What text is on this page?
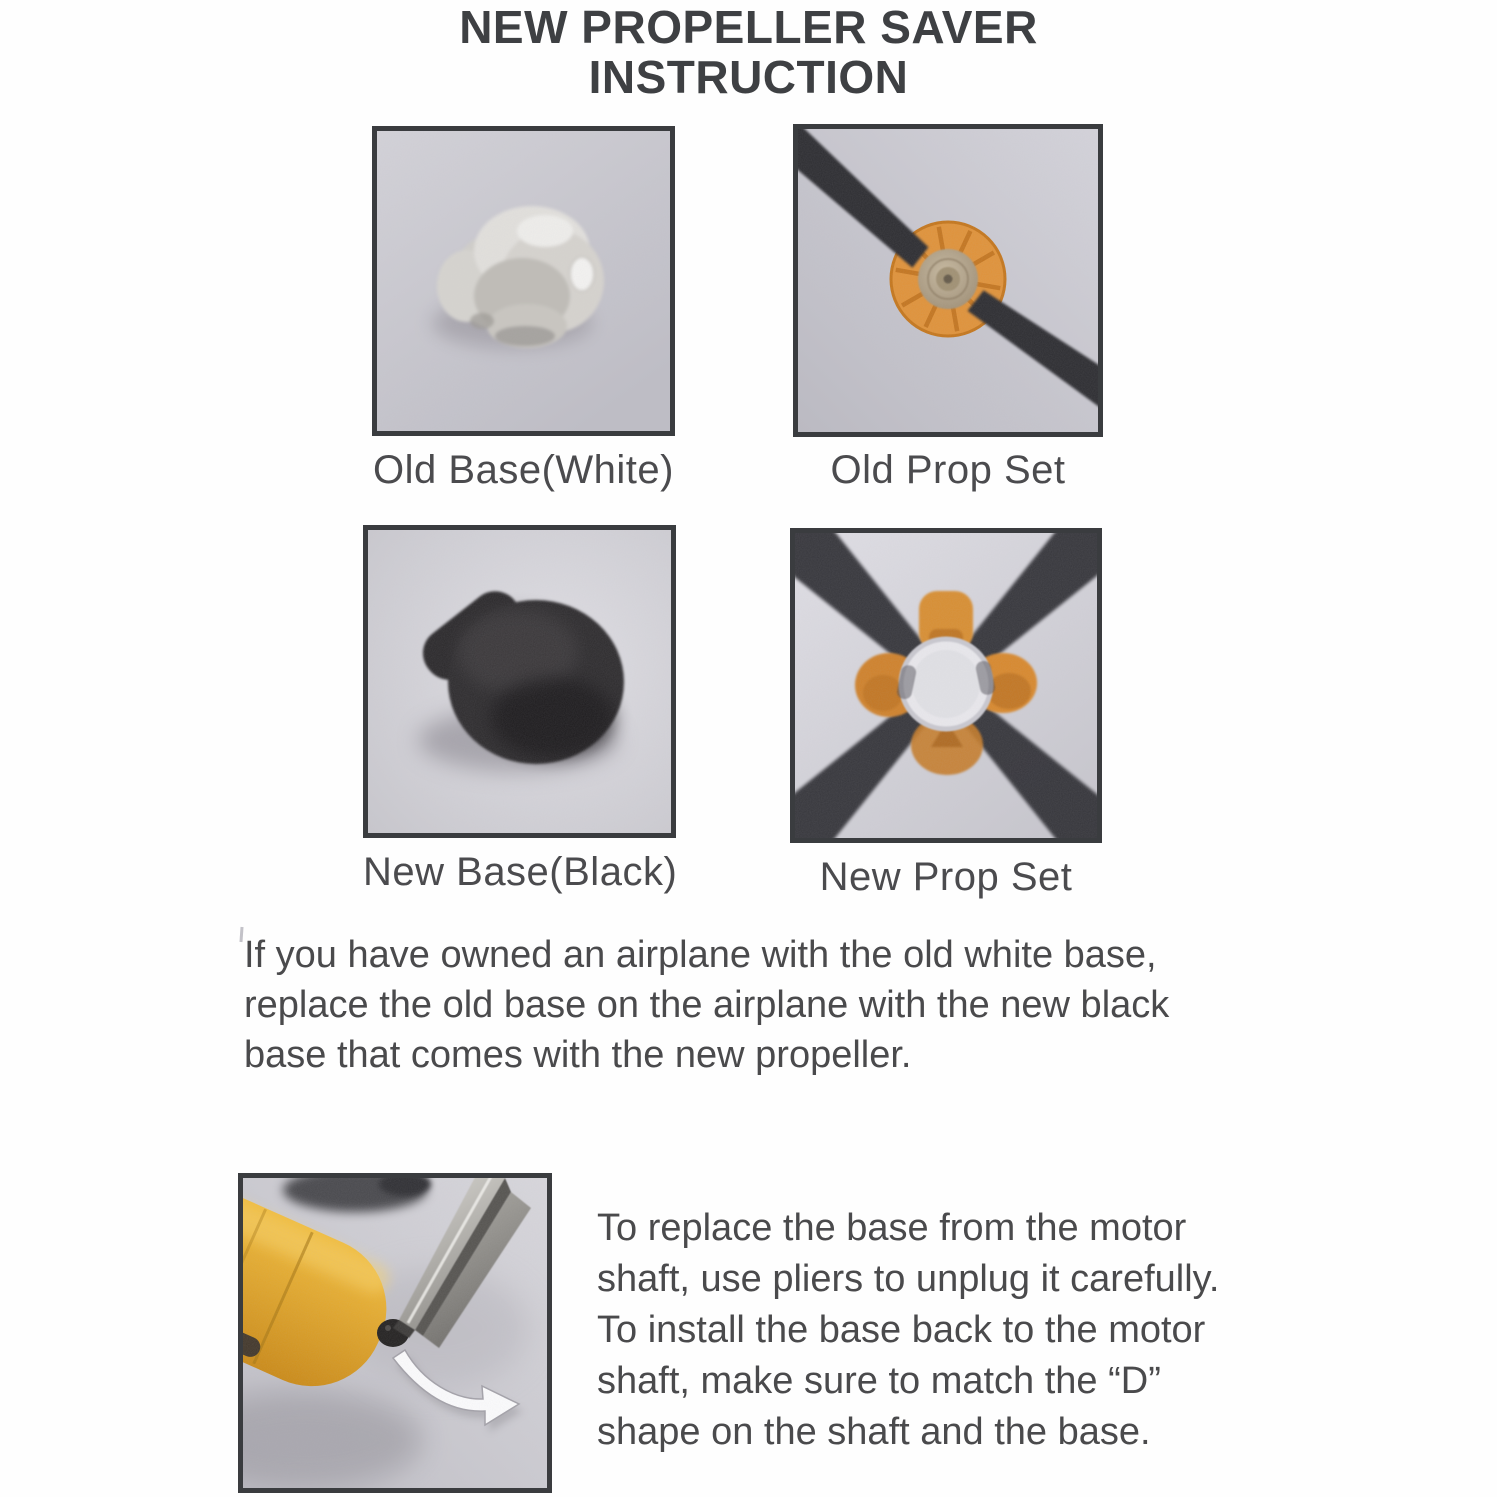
NEW PROPELLER SAVER
INSTRUCTION
Old Base(White)	Old Prop Set
New Base(Black)	New Prop Set
If you have owned an airplane with the old white base,
replace the old base on the airplane with the new black
base that comes with the new propeller.
To replace the base from the motor
shaft, use pliers to unplug it carefully.
To install the base back to the motor
shaft, make sure to match the “D”
shape on the shaft and the base.
